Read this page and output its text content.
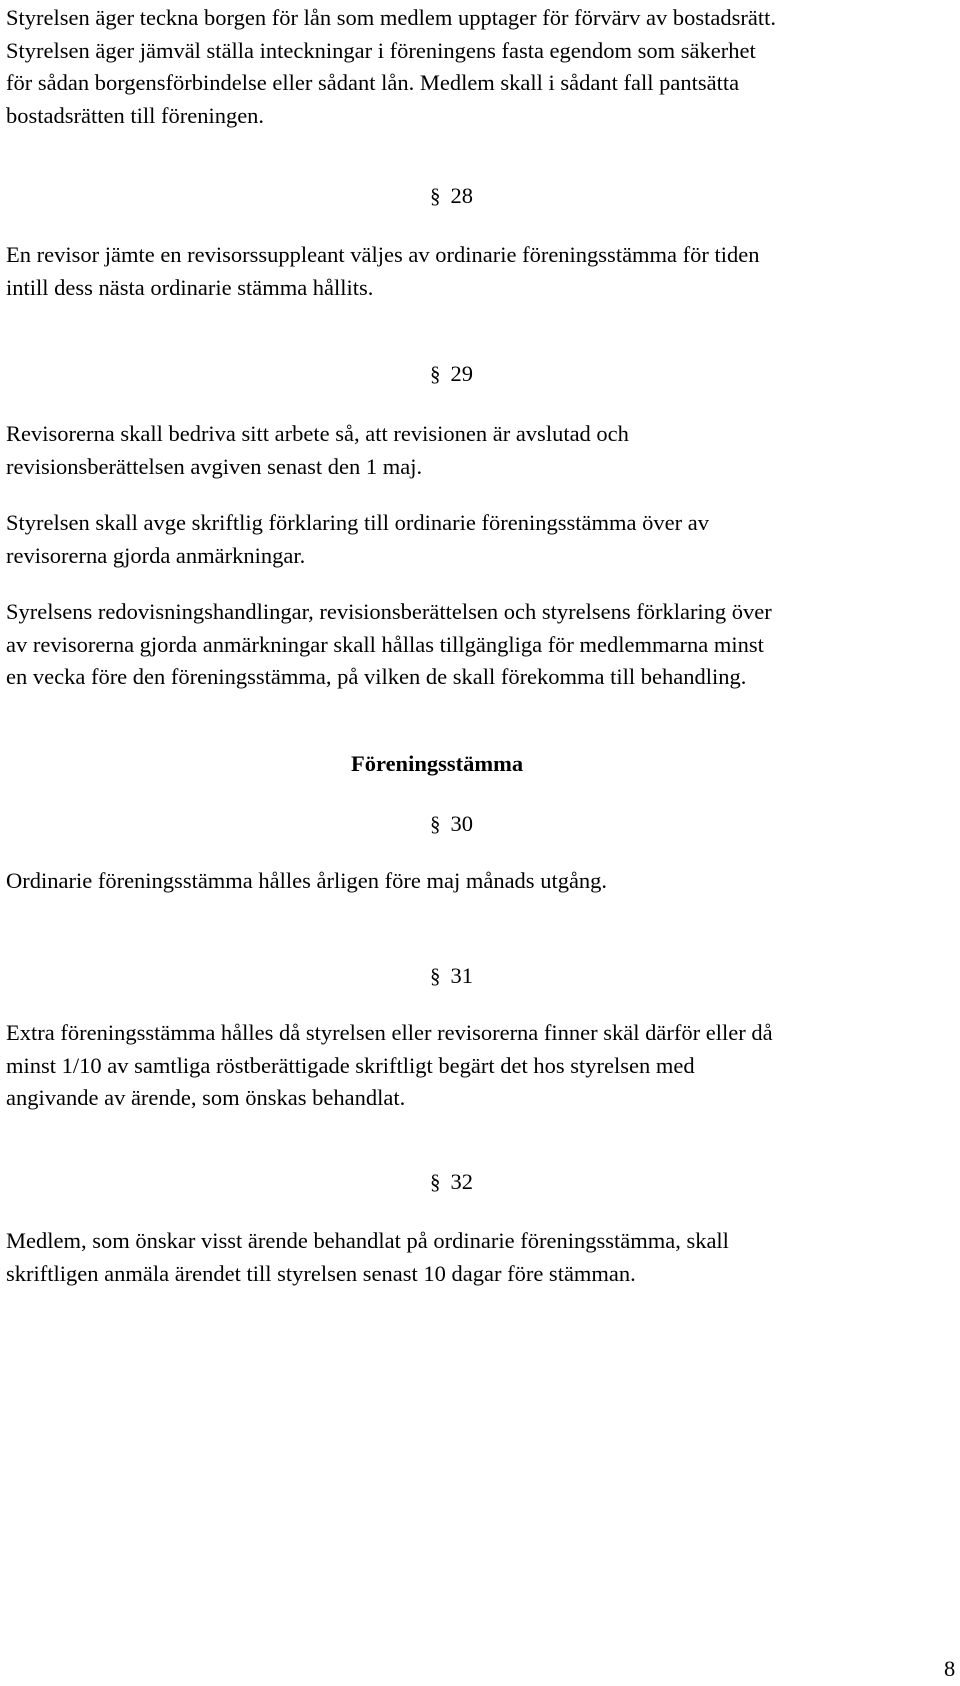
Styrelsen äger teckna borgen för lån som medlem upptager för förvärv av bostadsrätt.
Styrelsen äger jämväl ställa inteckningar i föreningens fasta egendom som säkerhet
för sådan borgensförbindelse eller sådant lån. Medlem skall i sådant fall pantsätta
bostadsrätten till föreningen.
§ 28
En revisor jämte en revisorssuppleant väljes av ordinarie föreningsstämma för tiden
intill dess nästa ordinarie stämma hållits.
§ 29
Revisorerna skall bedriva sitt arbete så, att revisionen är avslutad och
revisionsberättelsen avgiven senast den 1 maj.
Styrelsen skall avge skriftlig förklaring till ordinarie föreningsstämma över av
revisorerna gjorda anmärkningar.
Syrelsens redovisningshandlingar, revisionsberättelsen och styrelsens förklaring över
av revisorerna gjorda anmärkningar skall hållas tillgängliga för medlemmarna minst
en vecka före den föreningsstämma, på vilken de skall förekomma till behandling.
Föreningsstämma
§ 30
Ordinarie föreningsstämma hålles årligen före maj månads utgång.
§ 31
Extra föreningsstämma hålles då styrelsen eller revisorerna finner skäl därför eller då
minst 1/10 av samtliga röstberättigade skriftligt begärt det hos styrelsen med
angivande av ärende, som önskas behandlat.
§ 32
Medlem, som önskar visst ärende behandlat på ordinarie föreningsstämma, skall
skriftligen anmäla ärendet till styrelsen senast 10 dagar före stämman.
8
